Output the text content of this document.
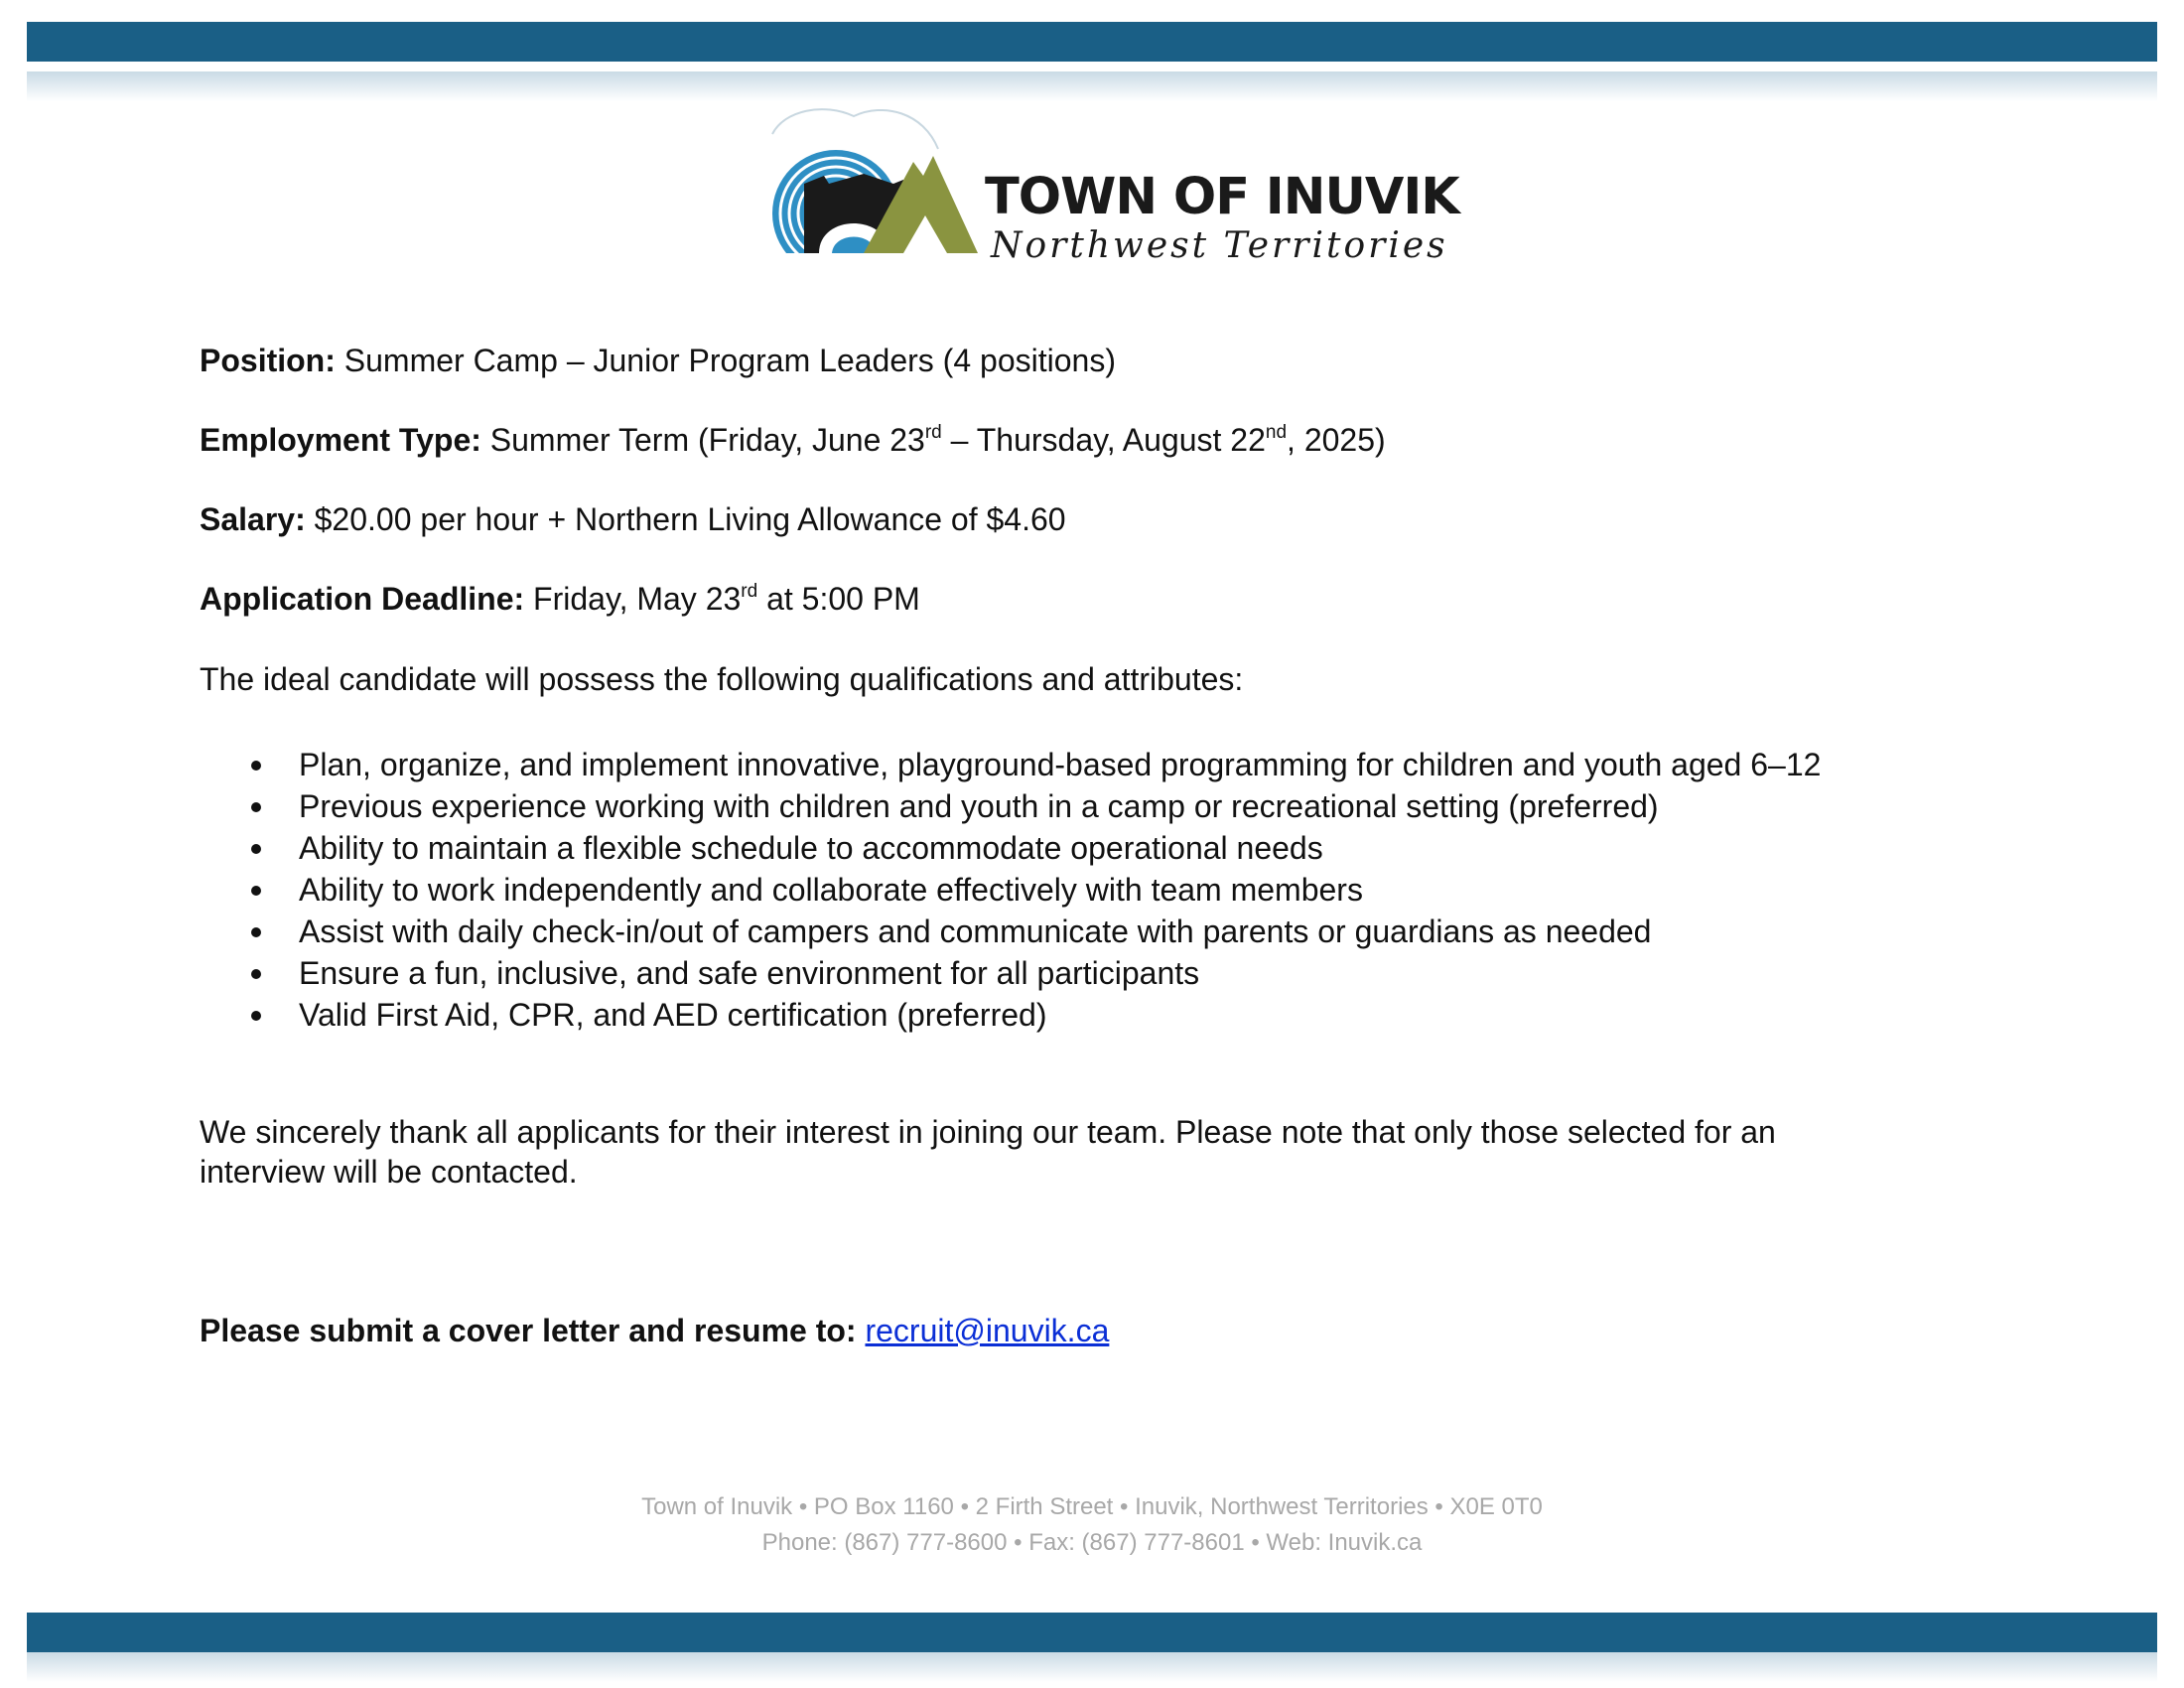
TOWN OF INUVIK
Northwest Territories
Position: Summer Camp – Junior Program Leaders (4 positions)
Employment Type: Summer Term (Friday, June 23rd – Thursday, August 22nd, 2025)
Salary: $20.00 per hour + Northern Living Allowance of $4.60
Application Deadline: Friday, May 23rd at 5:00 PM
The ideal candidate will possess the following qualifications and attributes:
Plan, organize, and implement innovative, playground-based programming for children and youth aged 6–12
Previous experience working with children and youth in a camp or recreational setting (preferred)
Ability to maintain a flexible schedule to accommodate operational needs
Ability to work independently and collaborate effectively with team members
Assist with daily check-in/out of campers and communicate with parents or guardians as needed
Ensure a fun, inclusive, and safe environment for all participants
Valid First Aid, CPR, and AED certification (preferred)
We sincerely thank all applicants for their interest in joining our team. Please note that only those selected for an interview will be contacted.
Please submit a cover letter and resume to: recruit@inuvik.ca
Town of Inuvik • PO Box 1160 • 2 Firth Street • Inuvik, Northwest Territories • X0E 0T0
Phone: (867) 777-8600 • Fax: (867) 777-8601 • Web: Inuvik.ca
